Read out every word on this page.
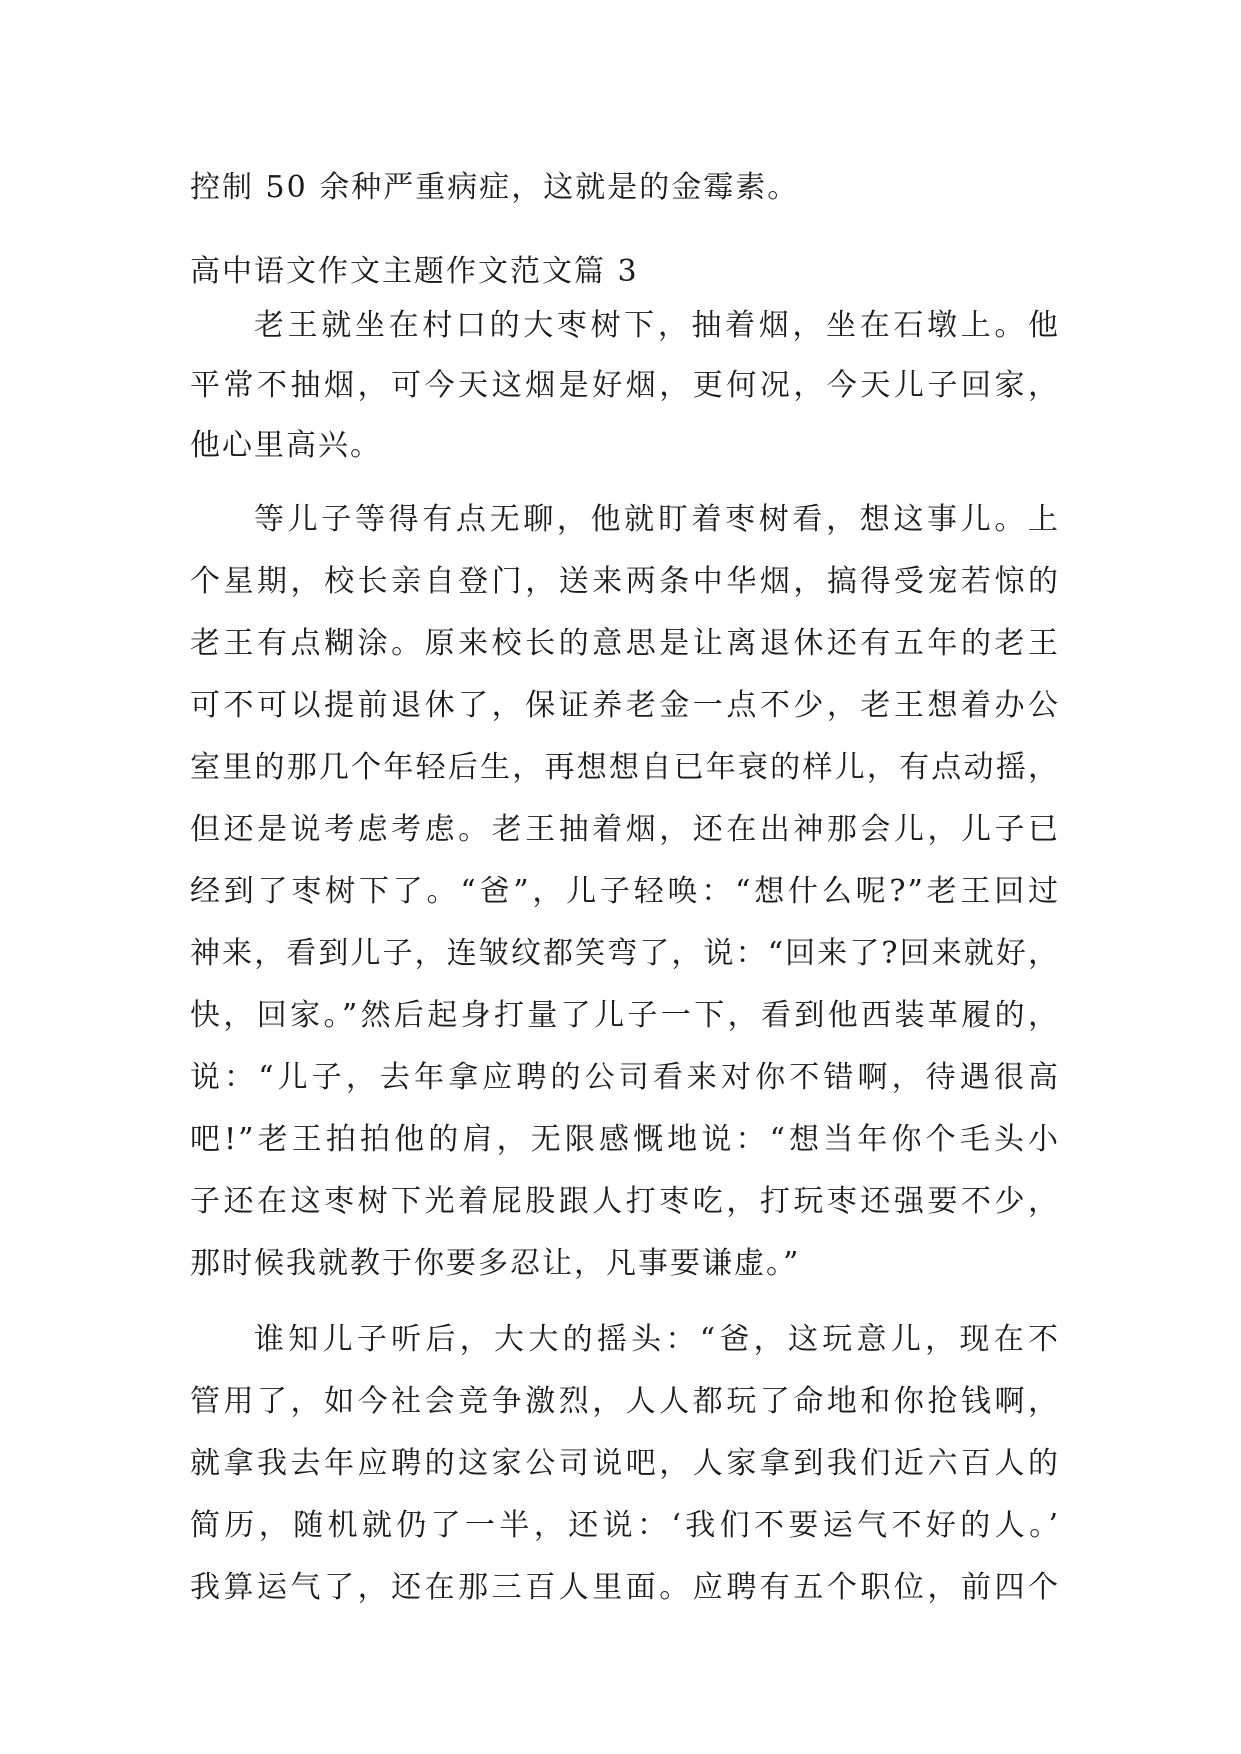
控制 50 余种严重病症，这就是的金霉素。
高中语文作文主题作文范文篇 3
老王就坐在村口的大枣树下，抽着烟，坐在石墩上。他
平常不抽烟，可今天这烟是好烟，更何况，今天儿子回家，
他心里高兴。
等儿子等得有点无聊，他就盯着枣树看，想这事儿。上
个星期，校长亲自登门，送来两条中华烟，搞得受宠若惊的
老王有点糊涂。原来校长的意思是让离退休还有五年的老王
可不可以提前退休了，保证养老金一点不少，老王想着办公
室里的那几个年轻后生，再想想自已年衰的样儿，有点动摇，
但还是说考虑考虑。老王抽着烟，还在出神那会儿，儿子已
经到了枣树下了。“爸”，儿子轻唤：“想什么呢?”老王回过
神来，看到儿子，连皱纹都笑弯了，说：“回来了?回来就好，
快，回家。”然后起身打量了儿子一下，看到他西装革履的，
说：“儿子，去年拿应聘的公司看来对你不错啊，待遇很高
吧!”老王拍拍他的肩，无限感慨地说：“想当年你个毛头小
子还在这枣树下光着屁股跟人打枣吃，打玩枣还强要不少，
那时候我就教于你要多忍让，凡事要谦虚。”
谁知儿子听后，大大的摇头：“爸，这玩意儿，现在不
管用了，如今社会竞争激烈，人人都玩了命地和你抢钱啊，
就拿我去年应聘的这家公司说吧，人家拿到我们近六百人的
简历，随机就仍了一半，还说：‘我们不要运气不好的人。’
我算运气了，还在那三百人里面。应聘有五个职位，前四个
